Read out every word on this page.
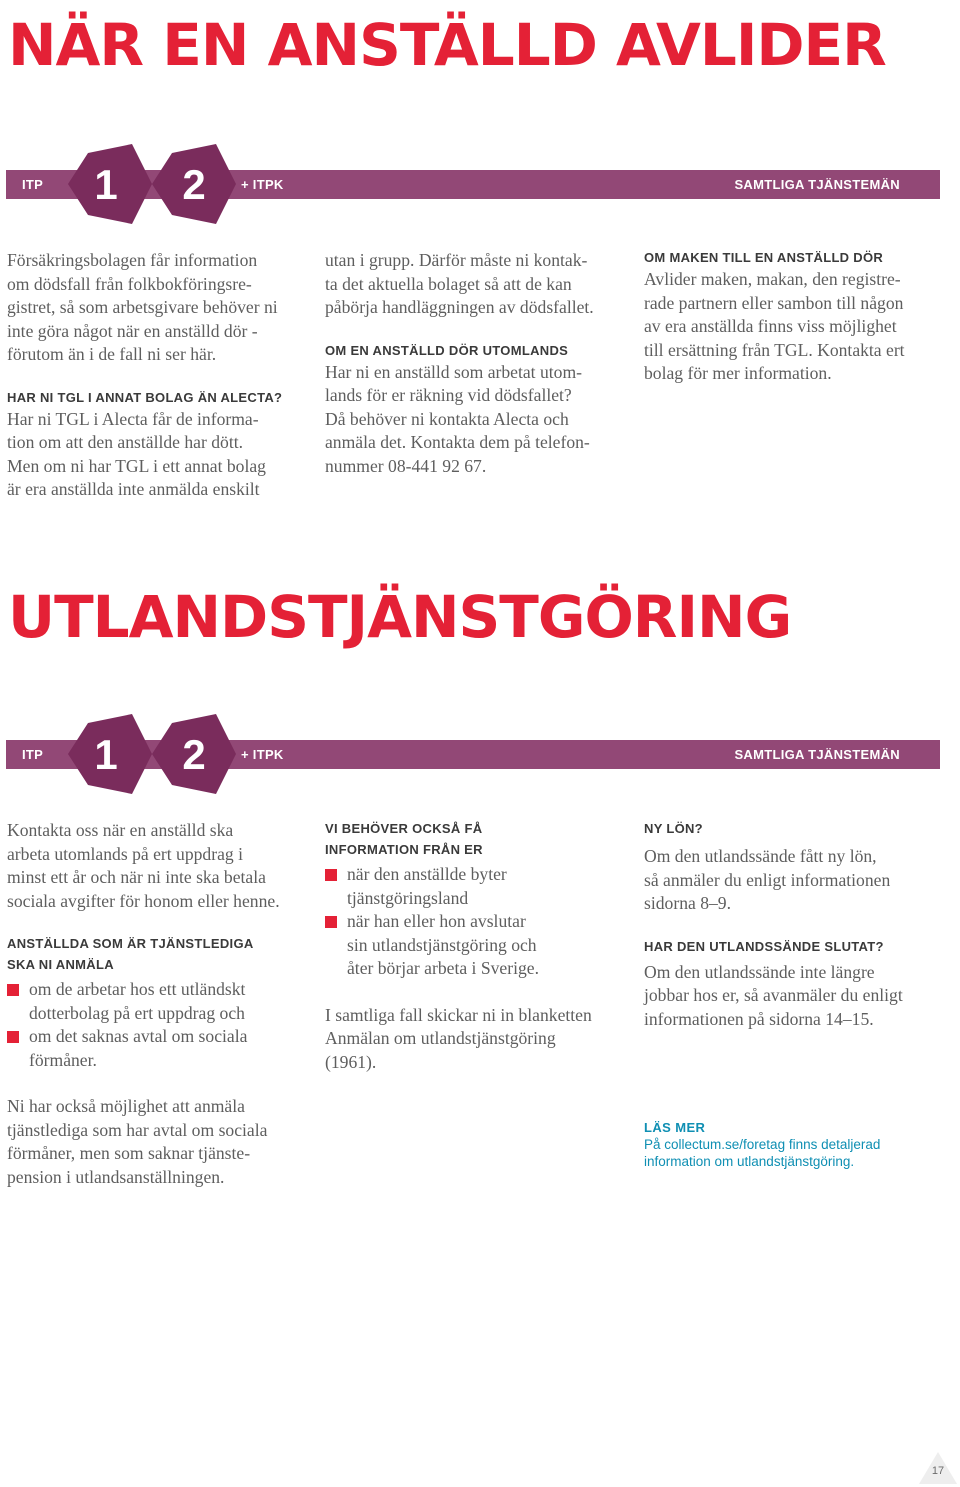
NÄR EN ANSTÄLLD AVLIDER
ITP 1 2	+ ITPK	SAMTLIGA TJÄNSTEMÄN

Försäkringsbolagen får information

om dödsfall från folkbokföringsre-

gistret, så som arbetsgivare behöver ni

inte göra något när en anställd dör -

förutom än i de fall ni ser här.

HAR NI TGL I ANNAT BOLAG ÄN ALECTA?

Har ni TGL i Alecta får de informa-

tion om att den anställde har dött.

Men om ni har TGL i ett annat bolag

är era anställda inte anmälda enskilt

utan i grupp. Därför måste ni kontak-

ta det aktuella bolaget så att de kan

påbörja handläggningen av dödsfallet.

OM EN ANSTÄLLD DÖR UTOMLANDS

Har ni en anställd som arbetat utom-

lands för er räkning vid dödsfallet?

Då behöver ni kontakta Alecta och

anmäla det. Kontakta dem på telefon-

nummer 08-441 92 67.

OM MAKEN TILL EN ANSTÄLLD DÖR

Avlider maken, makan, den registre-

rade partnern eller sambon till någon

av era anställda finns viss möjlighet

till ersättning från TGL. Kontakta ert

bolag för mer information.

UTLANDSTJÄNSTGÖRING
ITP 1 2	+ ITPK	SAMTLIGA TJÄNSTEMÄN

Kontakta oss när en anställd ska

arbeta utomlands på ert uppdrag i

minst ett år och när ni inte ska betala

sociala avgifter för honom eller henne.

ANSTÄLLDA SOM ÄR TJÄNSTLEDIGA
SKA NI ANMÄLA

om de arbetar hos ett utländskt

dotterbolag på ert uppdrag och

om det saknas avtal om sociala

förmåner.

Ni har också möjlighet att anmäla

tjänstlediga som har avtal om sociala

förmåner, men som saknar tjänste-

pension i utlandsanställningen.

VI BEHÖVER OCKSÅ FÅ
INFORMATION FRÅN ER

när den anställde byter

tjänstgöringsland

när han eller hon avslutar

sin utlandstjänstgöring och

åter börjar arbeta i Sverige.

I samtliga fall skickar ni in blanketten

Anmälan om utlandstjänstgöring

(1961).

NY LÖN?

Om den utlandssände fått ny lön,

så anmäler du enligt informationen

sidorna 8–9.

HAR DEN UTLANDSSÄNDE SLUTAT?

Om den utlandssände inte längre

jobbar hos er, så avanmäler du enligt

informationen på sidorna 14–15.

LÄS MER
På collectum.se/foretag finns detaljerad
information om utlandstjänstgöring.
17
